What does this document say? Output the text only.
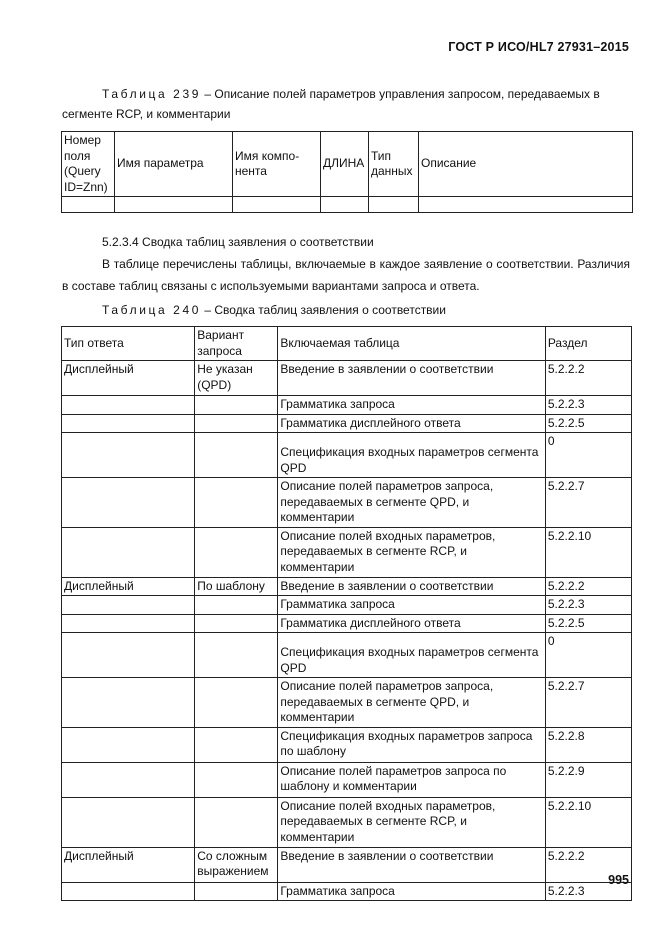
ГОСТ Р ИСО/HL7 27931–2015
Таблица 239 – Описание полей параметров управления запросом, передаваемых в сегменте RCP, и комментарии
Номер поля (Query ID=Znn)	Имя параметра	Имя компо-нента	ДЛИНА	Тип данных	Описание

5.2.3.4 Сводка таблиц заявления о соответствии

В таблице перечислены таблицы, включаемые в каждое заявление о соответствии. Различия в составе таблиц связаны с используемыми вариантами запроса и ответа.

Таблица 240 – Сводка таблиц заявления о соответствии
Тип ответа	Вариант запроса	Включаемая таблица	Раздел
Дисплейный	Не указан (QPD)	Введение в заявлении о соответствии	5.2.2.2
		Грамматика запроса	5.2.2.3
		Грамматика дисплейного ответа	5.2.2.5
		Спецификация входных параметров сегмента QPD	0
		Описание полей параметров запроса, передаваемых в сегменте QPD, и комментарии	5.2.2.7
		Описание полей входных параметров, передаваемых в сегменте RCP, и комментарии	5.2.2.10
Дисплейный	По шаблону	Введение в заявлении о соответствии	5.2.2.2
		Грамматика запроса	5.2.2.3
		Грамматика дисплейного ответа	5.2.2.5
		Спецификация входных параметров сегмента QPD	0
		Описание полей параметров запроса, передаваемых в сегменте QPD, и комментарии	5.2.2.7
		Спецификация входных параметров запроса по шаблону	5.2.2.8
		Описание полей параметров запроса по шаблону и комментарии	5.2.2.9
		Описание полей входных параметров, передаваемых в сегменте RCP, и комментарии	5.2.2.10
Дисплейный	Со сложным выражением	Введение в заявлении о соответствии	5.2.2.2
		Грамматика запроса	5.2.2.3
995
